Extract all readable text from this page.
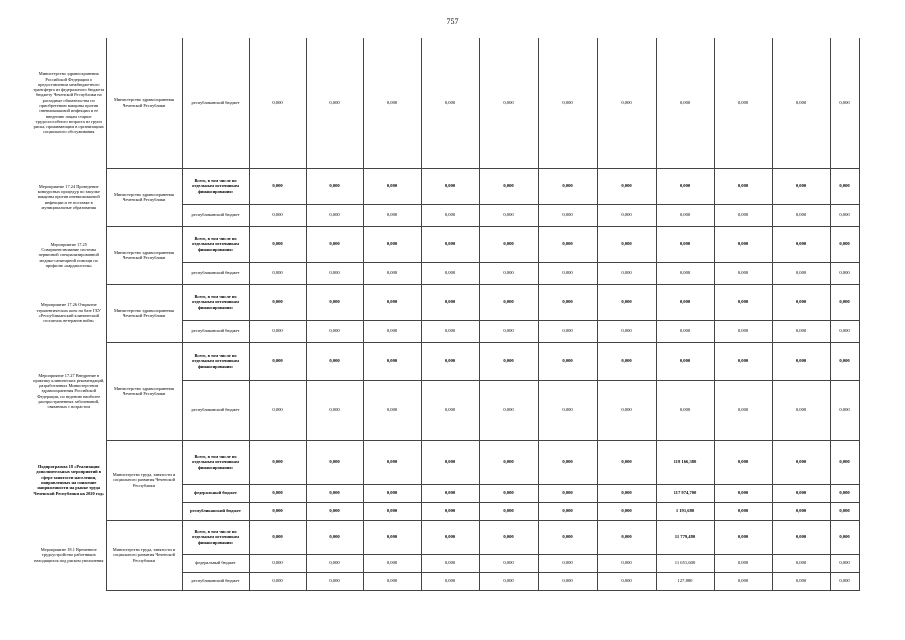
757
Министерство здравоохранения Российской Федерации о предоставлении межбюджетного трансферта из федерального бюджета бюджету Чеченской Республики на расходные обязательства по приобретению вакцины против пневмококковой инфекции и ее введению лицам старше трудоспособного возраста из групп риска, проживающим в организациях социального обслуживания	Министерство здравоохранения Чеченской Республики	республиканский бюджет	0,000	0,000	0,000	0,000	0,000	0,000	0,000	0,000	0,000	0,000	0,000
Мероприятие 17.24 Проведение конкурсных процедур по закупке вакцины против пневмококковой инфекции и ее поставке в муниципальные образования	Министерство здравоохранения Чеченской Республики	Всего, в том числе по отдельным источникам финансирования:	0,000	0,000	0,000	0,000	0,000	0,000	0,000	0,000	0,000	0,000	0,000
		республиканский бюджет	0,000	0,000	0,000	0,000	0,000	0,000	0,000	0,000	0,000	0,000	0,000
Мероприятие 17.25 Совершенствование системы первичной специализированной медико-санитарной помощи по профилю «кардиология»	Министерство здравоохранения Чеченской Республики	Всего, в том числе по отдельным источникам финансирования:	0,000	0,000	0,000	0,000	0,000	0,000	0,000	0,000	0,000	0,000	0,000
		республиканский бюджет	0,000	0,000	0,000	0,000	0,000	0,000	0,000	0,000	0,000	0,000	0,000
Мероприятие 17.26 Открытие терапевтических коек на базе ГБУ «Республиканский клинический госпиталь ветеранов войн»	Министерство здравоохранения Чеченской Республики	Всего, в том числе по отдельным источникам финансирования:	0,000	0,000	0,000	0,000	0,000	0,000	0,000	0,000	0,000	0,000	0,000
		республиканский бюджет	0,000	0,000	0,000	0,000	0,000	0,000	0,000	0,000	0,000	0,000	0,000
Мероприятие 17.27 Внедрение в практику клинических рекомендаций, разработанных Министерством здравоохранения Российской Федерации, по ведению наиболее распространенных заболеваний, связанных с возрастом	Министерство здравоохранения Чеченской Республики	Всего, в том числе по отдельным источникам финансирования:	0,000	0,000	0,000	0,000	0,000	0,000	0,000	0,000	0,000	0,000	0,000
		республиканский бюджет	0,000	0,000	0,000	0,000	0,000	0,000	0,000	0,000	0,000	0,000	0,000
Подпрограмма 18 «Реализация дополнительных мероприятий в сфере занятости населения, направленных на снижение напряженности на рынке труда Чеченской Республики на 2020 год»	Министерство труда, занятости и социального развития Чеченской Республики	Всего, в том числе по отдельным источникам финансирования:	0,000	0,000	0,000	0,000	0,000	0,000	0,000	119 166,380	0,000	0,000	0,000
		федеральный бюджет	0,000	0,000	0,000	0,000	0,000	0,000	0,000	117 974,700	0,000	0,000	0,000
		республиканский бюджет	0,000	0,000	0,000	0,000	0,000	0,000	0,000	1 191,680	0,000	0,000	0,000
Мероприятие 18.1 Временное трудоустройство работников находящихся под риском увольнения	Министерство труда, занятости и социального развития Чеченской Республики	Всего, в том числе по отдельным источникам финансирования:	0,000	0,000	0,000	0,000	0,000	0,000	0,000	11 779,480	0,000	0,000	0,000
		федеральный бюджет	0,000	0,000	0,000	0,000	0,000	0,000	0,000	11 651,600	0,000	0,000	0,000
		республиканский бюджет	0,000	0,000	0,000	0,000	0,000	0,000	0,000	127,880	0,000	0,000	0,000
